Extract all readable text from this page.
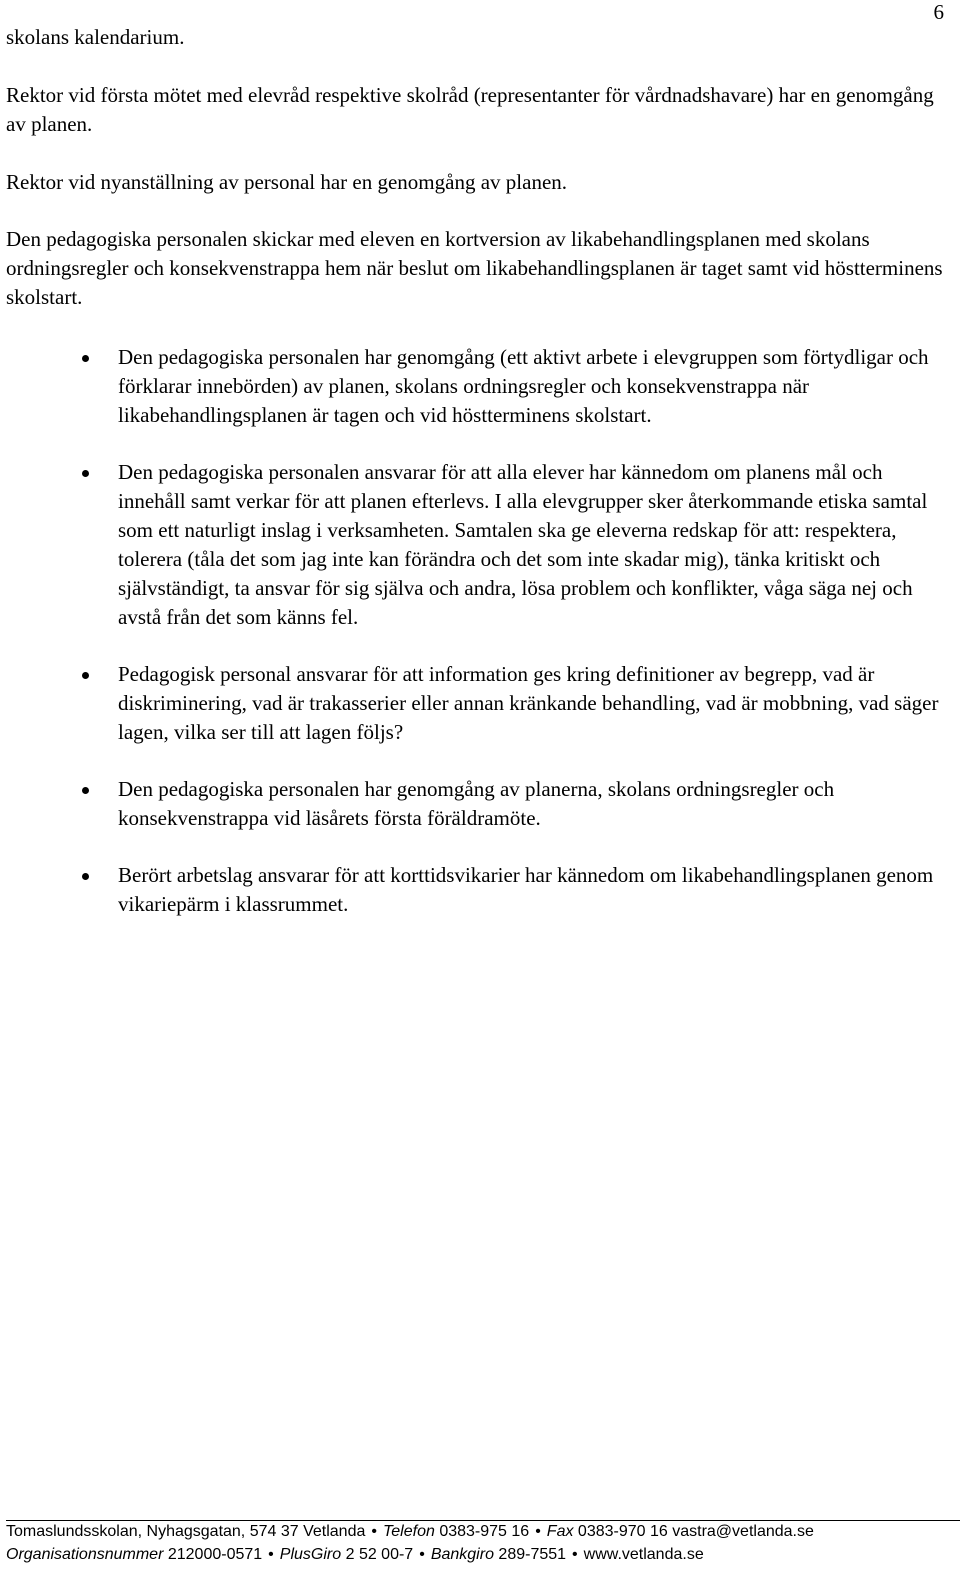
6

skolans kalendarium.

Rektor vid första mötet med elevråd respektive skolråd (representanter för vårdnadshavare) har en genomgång av planen.

Rektor vid nyanställning av personal har en genomgång av planen.

Den pedagogiska personalen skickar med eleven en kortversion av likabehandlingsplanen med skolans ordningsregler och konsekvenstrappa hem när beslut om likabehandlingsplanen är taget samt vid höstterminens skolstart.

Den pedagogiska personalen har genomgång (ett aktivt arbete i elevgruppen som förtydligar och förklarar innebörden) av planen, skolans ordningsregler och konsekvenstrappa när likabehandlingsplanen är tagen och vid höstterminens skolstart.
Den pedagogiska personalen ansvarar för att alla elever har kännedom om planens mål och innehåll samt verkar för att planen efterlevs. I alla elevgrupper sker återkommande etiska samtal som ett naturligt inslag i verksamheten. Samtalen ska ge eleverna redskap för att: respektera, tolerera (tåla det som jag inte kan förändra och det som inte skadar mig), tänka kritiskt och självständigt, ta ansvar för sig själva och andra, lösa problem och konflikter, våga säga nej och avstå från det som känns fel.
Pedagogisk personal ansvarar för att information ges kring definitioner av begrepp, vad är diskriminering, vad är trakasserier eller annan kränkande behandling, vad är mobbning, vad säger lagen, vilka ser till att lagen följs?
Den pedagogiska personalen har genomgång av planerna, skolans ordningsregler och konsekvenstrappa vid läsårets första föräldramöte.
Berört arbetslag ansvarar för att korttidsvikarier har kännedom om likabehandlingsplanen genom vikariepärm i klassrummet.
Tomaslundsskolan, Nyhagsgatan, 574 37 Vetlanda • Telefon 0383-975 16 • Fax 0383-970 16 vastra@vetlanda.se
Organisationsnummer 212000-0571 • PlusGiro 2 52 00-7 • Bankgiro 289-7551 • www.vetlanda.se
